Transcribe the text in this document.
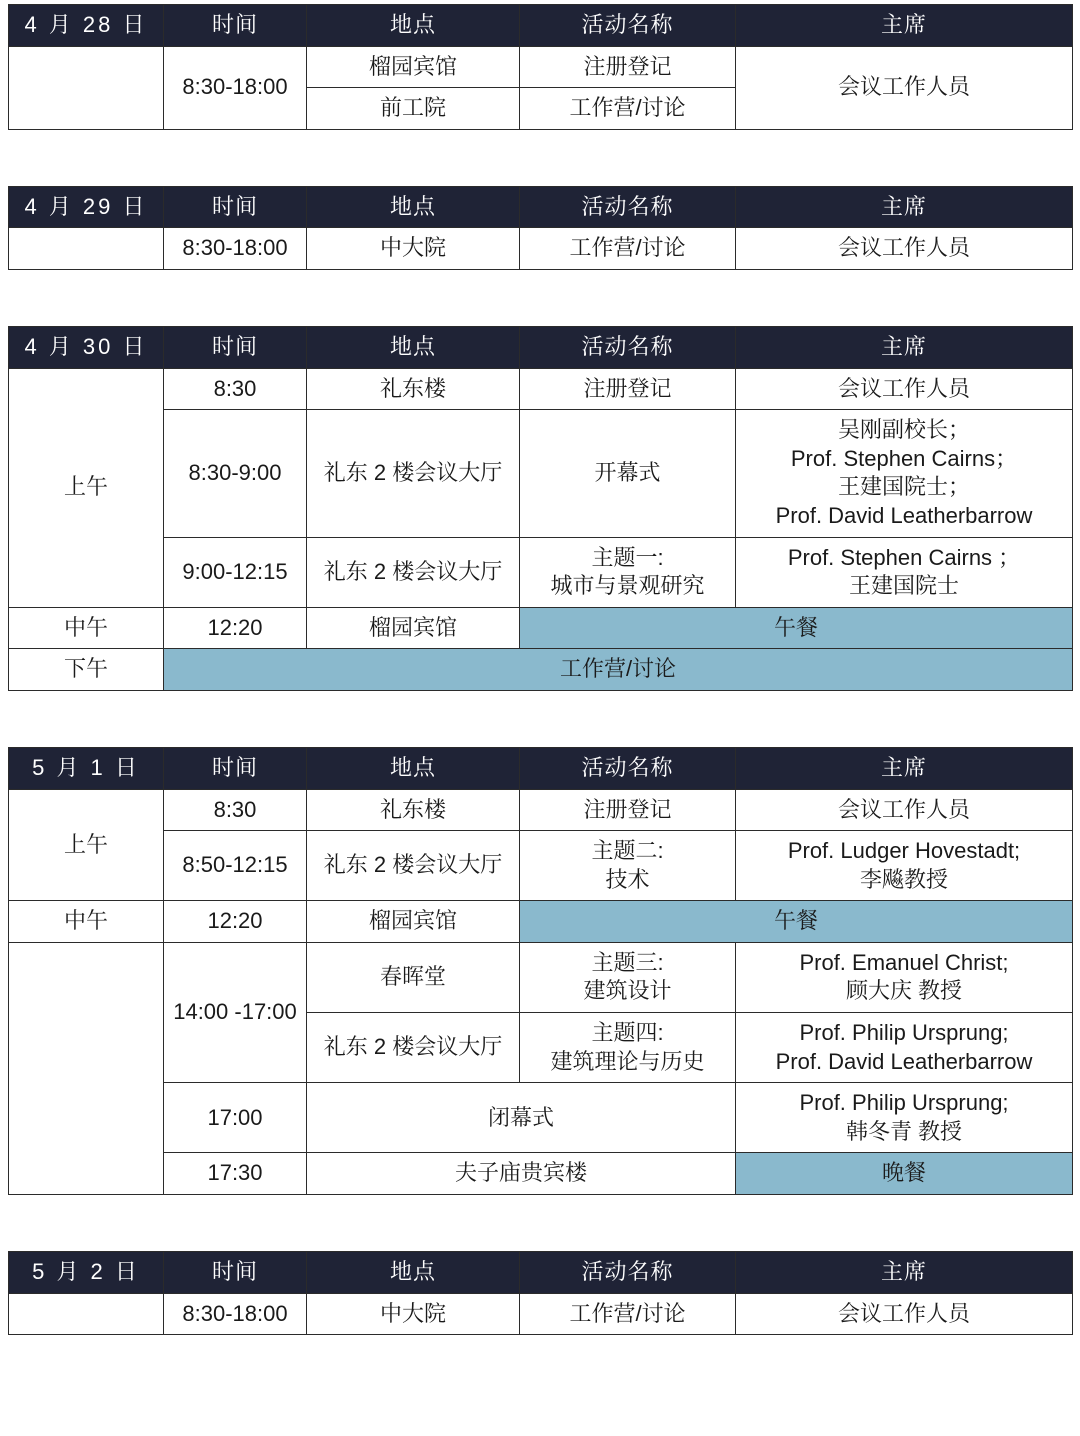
4 月 28 日	时间	地点	活动名称	主席
	8:30-18:00	榴园宾馆	注册登记	会议工作人员
		前工院	工作营/讨论	
4 月 29 日	时间	地点	活动名称	主席
	8:30-18:00	中大院	工作营/讨论	会议工作人员
4 月 30 日	时间	地点	活动名称	主席
上午	8:30	礼东楼	注册登记	会议工作人员
	8:30-9:00	礼东 2 楼会议大厅	开幕式	吴刚副校长；
Prof. Stephen Cairns；
王建国院士；
Prof. David Leatherbarrow

	9:00-12:15	礼东 2 楼会议大厅	主题一:
城市与景观研究	Prof. Stephen Cairns ；
王建国院士

中午	12:20	榴园宾馆	午餐	
下午	工作营/讨论			
5 月 1 日	时间	地点	活动名称	主席
上午	8:30	礼东楼	注册登记	会议工作人员
	8:50-12:15	礼东 2 楼会议大厅	主题二:
技术	Prof. Ludger Hovestadt;
李飚教授

中午	12:20	榴园宾馆	午餐	
	14:00 -17:00	春晖堂	主题三:
建筑设计	Prof. Emanuel Christ;
顾大庆 教授

		礼东 2 楼会议大厅	主题四:
建筑理论与历史	Prof. Philip Ursprung;
Prof. David Leatherbarrow

	17:00	闭幕式		Prof. Philip Ursprung;
韩冬青 教授

	17:30	夫子庙贵宾楼		晚餐
5 月 2 日	时间	地点	活动名称	主席
	8:30-18:00	中大院	工作营/讨论	会议工作人员
